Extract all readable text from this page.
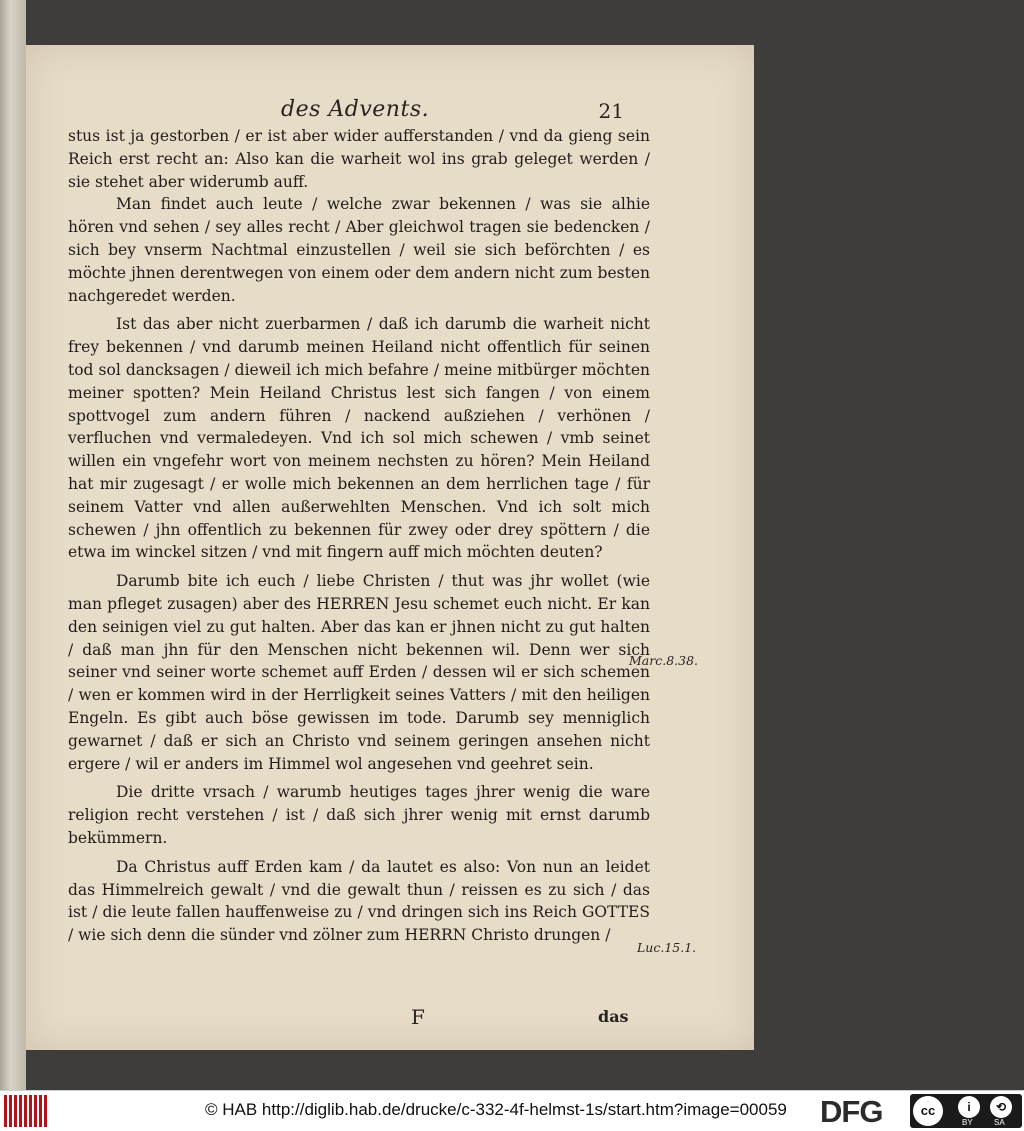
des Advents.	21

stus ist ja gestorben / er ist aber wider aufferstanden / vnd da gieng sein Reich erst recht an: Also kan die warheit wol ins grab geleget werden / sie stehet aber widerumb auff.

Man findet auch leute / welche zwar bekennen / was sie alhie hören vnd sehen / sey alles recht / Aber gleichwol tragen sie bedencken / sich bey vnserm Nachtmal einzustellen / weil sie sich beförchten / es möchte jhnen derentwegen von einem oder dem andern nicht zum besten nachgeredet werden.

Ist das aber nicht zuerbarmen / daß ich darumb die warheit nicht frey bekennen / vnd darumb meinen Heiland nicht offentlich für seinen tod sol dancksagen / dieweil ich mich befahre / meine mitbürger möchten meiner spotten? Mein Heiland Christus lest sich fangen / von einem spottvogel zum andern führen / nackend außziehen / verhönen / verfluchen vnd vermaledeyen. Vnd ich sol mich schewen / vmb seinet willen ein vngefehr wort von meinem nechsten zu hören? Mein Heiland hat mir zugesagt / er wolle mich bekennen an dem herrlichen tage / für seinem Vatter vnd allen außerwehlten Menschen. Vnd ich solt mich schewen / jhn offentlich zu bekennen für zwey oder drey spöttern / die etwa im winckel sitzen / vnd mit fingern auff mich möchten deuten?

Darumb bite ich euch / liebe Christen / thut was jhr wollet (wie man pfleget zusagen) aber des HERREN Jesu schemet euch nicht. Er kan den seinigen viel zu gut halten. Aber das kan er jhnen nicht zu gut halten / daß man jhn für den Menschen nicht bekennen wil. Denn wer sich seiner vnd seiner worte schemet auff Erden / dessen wil er sich schemen / wen er kommen wird in der Herrligkeit seines Vatters / mit den heiligen Engeln. Es gibt auch böse gewissen im tode. Darumb sey menniglich gewarnet / daß er sich an Christo vnd seinem geringen ansehen nicht ergere / wil er anders im Himmel wol angesehen vnd geehret sein.

Die dritte vrsach / warumb heutiges tages jhrer wenig die ware religion recht verstehen / ist / daß sich jhrer wenig mit ernst darumb bekümmern.

Da Christus auff Erden kam / da lautet es also: Von nun an leidet das Himmelreich gewalt / vnd die gewalt thun / reissen es zu sich / das ist / die leute fallen hauffenweise zu / vnd dringen sich ins Reich GOTTES / wie sich denn die sünder vnd zölner zum HERRN Christo drungen /

Marc.8.38.
Luc.15.1.
F	das
© HAB http://diglib.hab.de/drucke/c-332-4f-helmst-1s/start.htm?image=00059 DFG	cc	i	⟲
BY	SA
